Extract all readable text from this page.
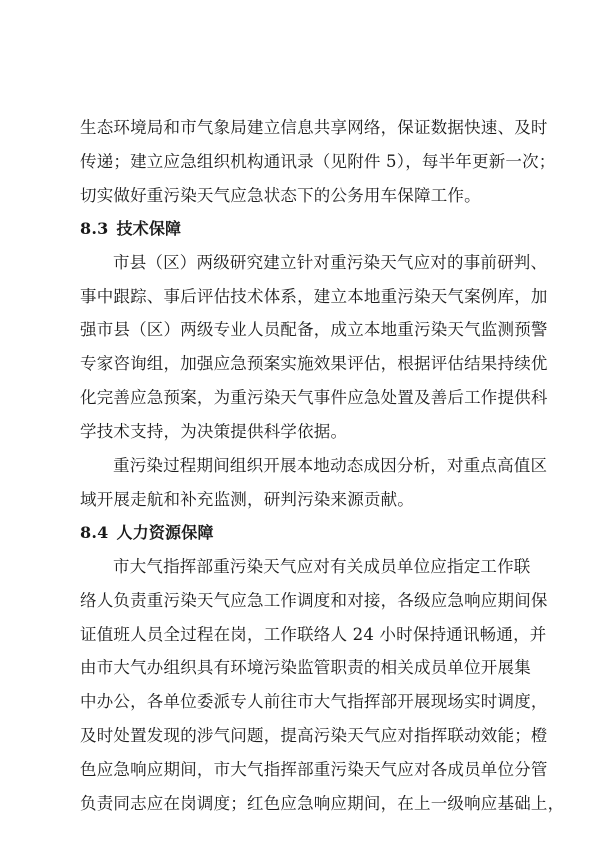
生态环境局和市气象局建立信息共享网络，保证数据快速、及时
传递；建立应急组织机构通讯录（见附件 5），每半年更新一次；
切实做好重污染天气应急状态下的公务用车保障工作。
8.3 技术保障
市县（区）两级研究建立针对重污染天气应对的事前研判、
事中跟踪、事后评估技术体系，建立本地重污染天气案例库，加
强市县（区）两级专业人员配备，成立本地重污染天气监测预警
专家咨询组，加强应急预案实施效果评估，根据评估结果持续优
化完善应急预案，为重污染天气事件应急处置及善后工作提供科
学技术支持，为决策提供科学依据。
重污染过程期间组织开展本地动态成因分析，对重点高值区
域开展走航和补充监测，研判污染来源贡献。
8.4 人力资源保障
市大气指挥部重污染天气应对有关成员单位应指定工作联
络人负责重污染天气应急工作调度和对接，各级应急响应期间保
证值班人员全过程在岗，工作联络人 24 小时保持通讯畅通，并
由市大气办组织具有环境污染监管职责的相关成员单位开展集
中办公，各单位委派专人前往市大气指挥部开展现场实时调度，
及时处置发现的涉气问题，提高污染天气应对指挥联动效能；橙
色应急响应期间，市大气指挥部重污染天气应对各成员单位分管
负责同志应在岗调度；红色应急响应期间，在上一级响应基础上，
